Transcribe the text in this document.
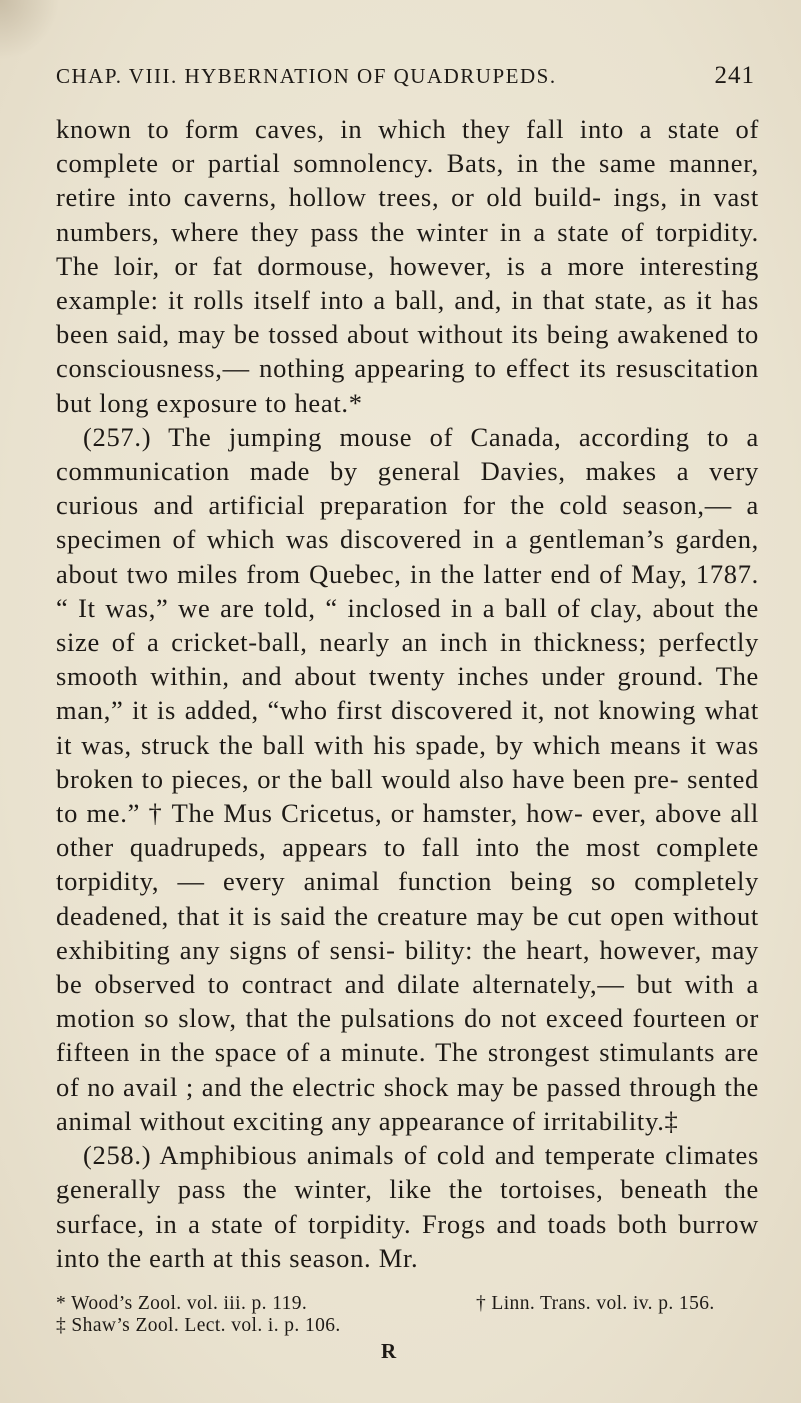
CHAP. VIII. HYBERNATION OF QUADRUPEDS.	241

known to form caves, in which they fall into a state of complete or partial somnolency. Bats, in the same manner, retire into caverns, hollow trees, or old build- ings, in vast numbers, where they pass the winter in a state of torpidity. The loir, or fat dormouse, however, is a more interesting example: it rolls itself into a ball, and, in that state, as it has been said, may be tossed about without its being awakened to consciousness,— nothing appearing to effect its resuscitation but long exposure to heat.*

(257.) The jumping mouse of Canada, according to a communication made by general Davies, makes a very curious and artificial preparation for the cold season,— a specimen of which was discovered in a gentleman’s garden, about two miles from Quebec, in the latter end of May, 1787. “ It was,” we are told, “ inclosed in a ball of clay, about the size of a cricket-ball, nearly an inch in thickness; perfectly smooth within, and about twenty inches under ground. The man,” it is added, “who first discovered it, not knowing what it was, struck the ball with his spade, by which means it was broken to pieces, or the ball would also have been pre- sented to me.” † The Mus Cricetus, or hamster, how- ever, above all other quadrupeds, appears to fall into the most complete torpidity, — every animal function being so completely deadened, that it is said the creature may be cut open without exhibiting any signs of sensi- bility: the heart, however, may be observed to contract and dilate alternately,— but with a motion so slow, that the pulsations do not exceed fourteen or fifteen in the space of a minute. The strongest stimulants are of no avail ; and the electric shock may be passed through the animal without exciting any appearance of irritability.‡

(258.) Amphibious animals of cold and temperate climates generally pass the winter, like the tortoises, beneath the surface, in a state of torpidity. Frogs and toads both burrow into the earth at this season. Mr.

* Wood’s Zool. vol. iii. p. 119.	† Linn. Trans. vol. iv. p. 156.
‡ Shaw’s Zool. Lect. vol. i. p. 106.
R
